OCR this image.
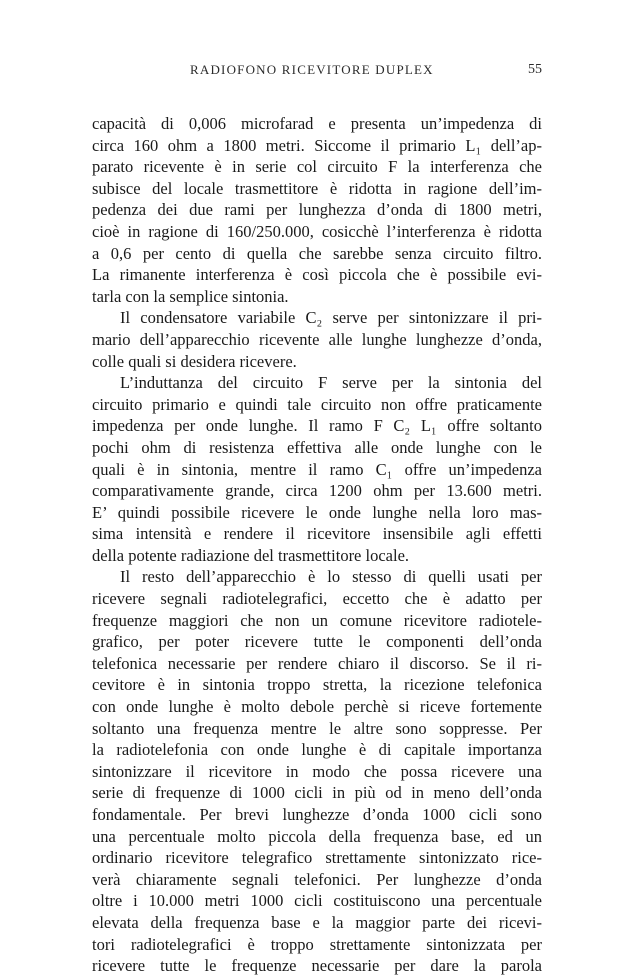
RADIOFONO RICEVITORE DUPLEX	55
capacità di 0,006 microfarad e presenta un’impedenza di
circa 160 ohm a 1800 metri. Siccome il primario L₁ dell’ap-
parato ricevente è in serie col circuito F la interferenza che
subisce del locale trasmettitore è ridotta in ragione dell’im-
pedenza dei due rami per lunghezza d’onda di 1800 metri,
cioè in ragione di 160/250.000, cosicchè l’interferenza è ridotta
a 0,6 per cento di quella che sarebbe senza circuito filtro.
La rimanente interferenza è così piccola che è possibile evi-
tarla con la semplice sintonia.
Il condensatore variabile C₂ serve per sintonizzare il pri-
mario dell’apparecchio ricevente alle lunghe lunghezze d’onda,
colle quali si desidera ricevere.
L’induttanza del circuito F serve per la sintonia del
circuito primario e quindi tale circuito non offre praticamente
impedenza per onde lunghe. Il ramo F C₂ L₁ offre soltanto
pochi ohm di resistenza effettiva alle onde lunghe con le
quali è in sintonia, mentre il ramo C₁ offre un’impedenza
comparativamente grande, circa 1200 ohm per 13.600 metri.
E’ quindi possibile ricevere le onde lunghe nella loro mas-
sima intensità e rendere il ricevitore insensibile agli effetti
della potente radiazione del trasmettitore locale.
Il resto dell’apparecchio è lo stesso di quelli usati per
ricevere segnali radiotelegrafici, eccetto che è adatto per
frequenze maggiori che non un comune ricevitore radiotele-
grafico, per poter ricevere tutte le componenti dell’onda
telefonica necessarie per rendere chiaro il discorso. Se il ri-
cevitore è in sintonia troppo stretta, la ricezione telefonica
con onde lunghe è molto debole perchè si riceve fortemente
soltanto una frequenza mentre le altre sono soppresse. Per
la radiotelefonia con onde lunghe è di capitale importanza
sintonizzare il ricevitore in modo che possa ricevere una
serie di frequenze di 1000 cicli in più od in meno dell’onda
fondamentale. Per brevi lunghezze d’onda 1000 cicli sono
una percentuale molto piccola della frequenza base, ed un
ordinario ricevitore telegrafico strettamente sintonizzato rice-
verà chiaramente segnali telefonici. Per lunghezze d’onda
oltre i 10.000 metri 1000 cicli costituiscono una percentuale
elevata della frequenza base e la maggior parte dei ricevi-
tori radiotelegrafici è troppo strettamente sintonizzata per
ricevere tutte le frequenze necessarie per dare la parola
